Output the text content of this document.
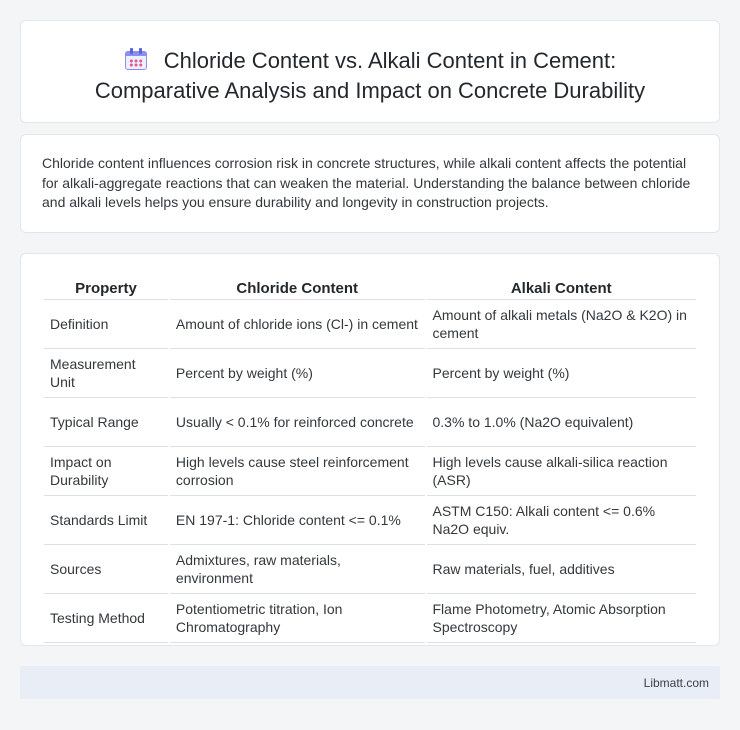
Chloride Content vs. Alkali Content in Cement:
Comparative Analysis and Impact on Concrete Durability

Chloride content influences corrosion risk in concrete structures, while alkali content affects the potential for alkali-aggregate reactions that can weaken the material. Understanding the balance between chloride and alkali levels helps you ensure durability and longevity in construction projects.

Property	Chloride Content	Alkali Content
Definition	Amount of chloride ions (Cl-) in cement	Amount of alkali metals (Na2O & K2O) in cement
Measurement Unit	Percent by weight (%)	Percent by weight (%)
Typical Range	Usually < 0.1% for reinforced concrete	0.3% to 1.0% (Na2O equivalent)
Impact on Durability	High levels cause steel reinforcement corrosion	High levels cause alkali-silica reaction (ASR)
Standards Limit	EN 197-1: Chloride content <= 0.1%	ASTM C150: Alkali content <= 0.6% Na2O equiv.
Sources	Admixtures, raw materials, environment	Raw materials, fuel, additives
Testing Method	Potentiometric titration, Ion Chromatography	Flame Photometry, Atomic Absorption Spectroscopy
Libmatt.com
